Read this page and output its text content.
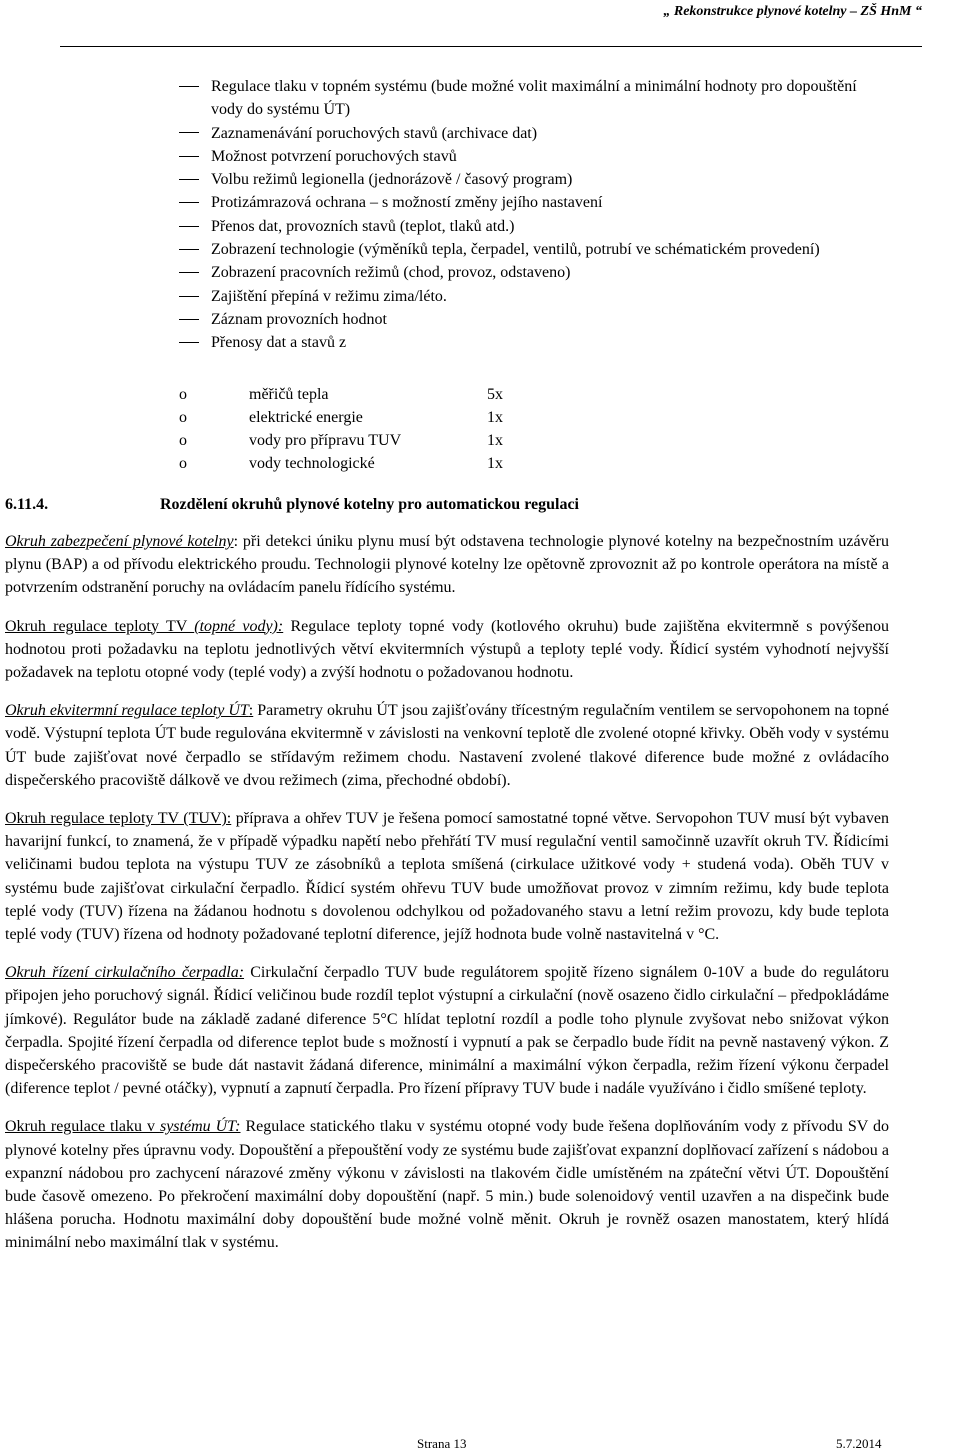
„ Rekonstrukce plynové kotelny – ZŠ HnM “
Regulace tlaku v topném systému (bude možné volit maximální a minimální hodnoty pro dopouštění vody do systému ÚT)
Zaznamenávání poruchových stavů (archivace dat)
Možnost potvrzení poruchových stavů
Volbu režimů legionella (jednorázově / časový program)
Protizámrazová ochrana – s možností změny jejího nastavení
Přenos dat, provozních stavů (teplot, tlaků atd.)
Zobrazení technologie (výměníků tepla, čerpadel, ventilů, potrubí ve schématickém provedení)
Zobrazení pracovních režimů (chod, provoz, odstaveno)
Zajištění přepíná v režimu zima/léto.
Záznam provozních hodnot
Přenosy dat a stavů z
o	měřičů tepla	5x
o	elektrické energie	1x
o	vody pro přípravu TUV	1x
o	vody technologické	1x
6.11.4.	Rozdělení okruhů plynové kotelny pro automatickou regulaci

Okruh zabezpečení plynové kotelny: při detekci úniku plynu musí být odstavena technologie plynové kotelny na bezpečnostním uzávěru plynu (BAP) a od přívodu elektrického proudu. Technologii plynové kotelny lze opětovně zprovoznit až po kontrole operátora na místě a potvrzením odstranění poruchy na ovládacím panelu řídícího systému.

Okruh regulace teploty TV (topné vody): Regulace teploty topné vody (kotlového okruhu) bude zajištěna ekvitermně s povýšenou hodnotou proti požadavku na teplotu jednotlivých větví ekvitermních výstupů a teploty teplé vody. Řídicí systém vyhodnotí nejvyšší požadavek na teplotu otopné vody (teplé vody) a zvýší hodnotu o požadovanou hodnotu.

Okruh ekvitermní regulace teploty ÚT: Parametry okruhu ÚT jsou zajišťovány třícestným regulačním ventilem se servopohonem na topné vodě. Výstupní teplota ÚT bude regulována ekvitermně v závislosti na venkovní teplotě dle zvolené otopné křivky. Oběh vody v systému ÚT bude zajišťovat nové čerpadlo se střídavým režimem chodu. Nastavení zvolené tlakové diference bude možné z ovládacího dispečerského pracoviště dálkově ve dvou režimech (zima, přechodné období).

Okruh regulace teploty TV (TUV): příprava a ohřev TUV je řešena pomocí samostatné topné větve. Servopohon TUV musí být vybaven havarijní funkcí, to znamená, že v případě výpadku napětí nebo přehřátí TV musí regulační ventil samočinně uzavřít okruh TV. Řídicími veličinami budou teplota na výstupu TUV ze zásobníků a teplota smíšená (cirkulace užitkové vody + studená voda). Oběh TUV v systému bude zajišťovat cirkulační čerpadlo. Řídicí systém ohřevu TUV bude umožňovat provoz v zimním režimu, kdy bude teplota teplé vody (TUV) řízena na žádanou hodnotu s dovolenou odchylkou od požadovaného stavu a letní režim provozu, kdy bude teplota teplé vody (TUV) řízena od hodnoty požadované teplotní diference, jejíž hodnota bude volně nastavitelná v °C.

Okruh řízení cirkulačního čerpadla: Cirkulační čerpadlo TUV bude regulátorem spojitě řízeno signálem 0-10V a bude do regulátoru připojen jeho poruchový signál. Řídicí veličinou bude rozdíl teplot výstupní a cirkulační (nově osazeno čidlo cirkulační – předpokládáme jímkové). Regulátor bude na základě zadané diference 5°C hlídat teplotní rozdíl a podle toho plynule zvyšovat nebo snižovat výkon čerpadla. Spojité řízení čerpadla od diference teplot bude s možností i vypnutí a pak se čerpadlo bude řídit na pevně nastavený výkon. Z dispečerského pracoviště se bude dát nastavit žádaná diference, minimální a maximální výkon čerpadla, režim řízení výkonu čerpadel (diference teplot / pevné otáčky), vypnutí a zapnutí čerpadla. Pro řízení přípravy TUV bude i nadále využíváno i čidlo smíšené teploty.

Okruh regulace tlaku v systému ÚT: Regulace statického tlaku v systému otopné vody bude řešena doplňováním vody z přívodu SV do plynové kotelny přes úpravnu vody. Dopouštění a přepouštění vody ze systému bude zajišťovat expanzní doplňovací zařízení s nádobou a expanzní nádobou pro zachycení nárazové změny výkonu v závislosti na tlakovém čidle umístěném na zpáteční větvi ÚT. Dopouštění bude časově omezeno. Po překročení maximální doby dopouštění (např. 5 min.) bude solenoidový ventil uzavřen a na dispečink bude hlášena porucha. Hodnotu maximální doby dopouštění bude možné volně měnit. Okruh je rovněž osazen manostatem, který hlídá minimální nebo maximální tlak v systému.

Strana 13	5.7.2014
